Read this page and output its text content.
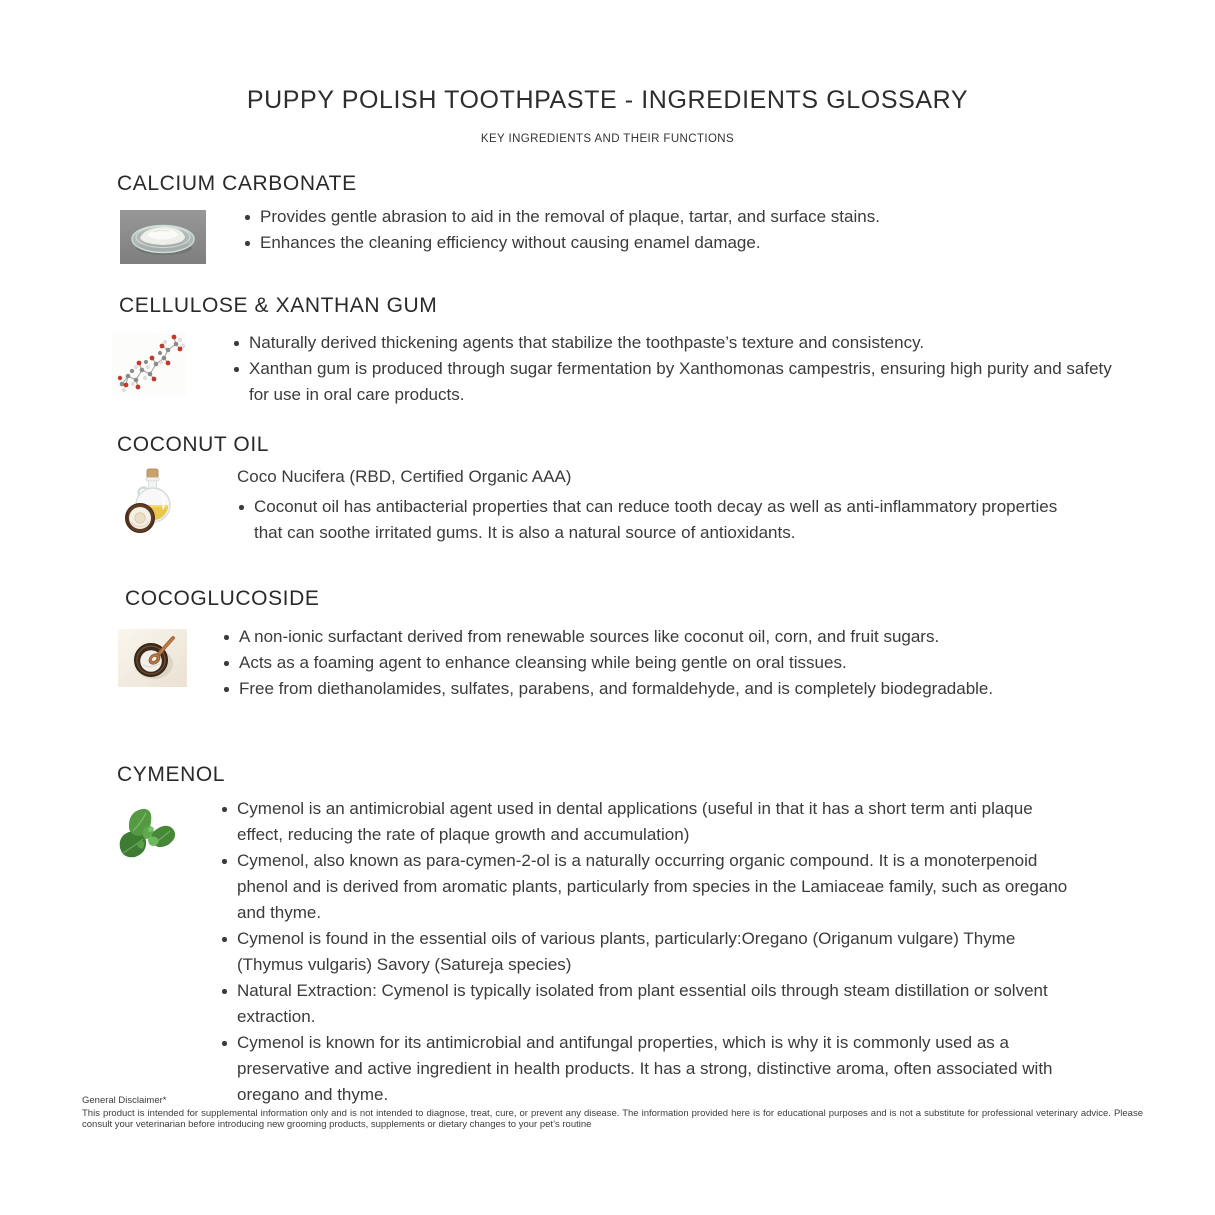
PUPPY POLISH TOOTHPASTE - INGREDIENTS GLOSSARY
KEY INGREDIENTS AND THEIR FUNCTIONS
CALCIUM CARBONATE
Provides gentle abrasion to aid in the removal of plaque, tartar, and surface stains.
Enhances the cleaning efficiency without causing enamel damage.
CELLULOSE & XANTHAN GUM
Naturally derived thickening agents that stabilize the toothpaste’s texture and consistency.
Xanthan gum is produced through sugar fermentation by Xanthomonas campestris, ensuring high purity and safety for use in oral care products.
COCONUT OIL

Coco Nucifera (RBD, Certified Organic AAA)

Coconut oil has antibacterial properties that can reduce tooth decay as well as anti-inflammatory properties that can soothe irritated gums. It is also a natural source of antioxidants.
COCOGLUCOSIDE
A non-ionic surfactant derived from renewable sources like coconut oil, corn, and fruit sugars.
Acts as a foaming agent to enhance cleansing while being gentle on oral tissues.
Free from diethanolamides, sulfates, parabens, and formaldehyde, and is completely biodegradable.
CYMENOL
Cymenol is an antimicrobial agent used in dental applications (useful in that it has a short term anti plaque effect, reducing the rate of plaque growth and accumulation)
Cymenol, also known as para-cymen-2-ol is a naturally occurring organic compound. It is a monoterpenoid phenol and is derived from aromatic plants, particularly from species in the Lamiaceae family, such as oregano and thyme.
Cymenol is found in the essential oils of various plants, particularly:Oregano (Origanum vulgare) Thyme (Thymus vulgaris) Savory (Satureja species)
Natural Extraction: Cymenol is typically isolated from plant essential oils through steam distillation or solvent extraction.
Cymenol is known for its antimicrobial and antifungal properties, which is why it is commonly used as a preservative and active ingredient in health products. It has a strong, distinctive aroma, often associated with oregano and thyme.

General Disclaimer*

This product is intended for supplemental information only and is not intended to diagnose, treat, cure, or prevent any disease. The information provided here is for educational purposes and is not a substitute for professional veterinary advice. Please consult your veterinarian before introducing new grooming products, supplements or dietary changes to your pet’s routine
